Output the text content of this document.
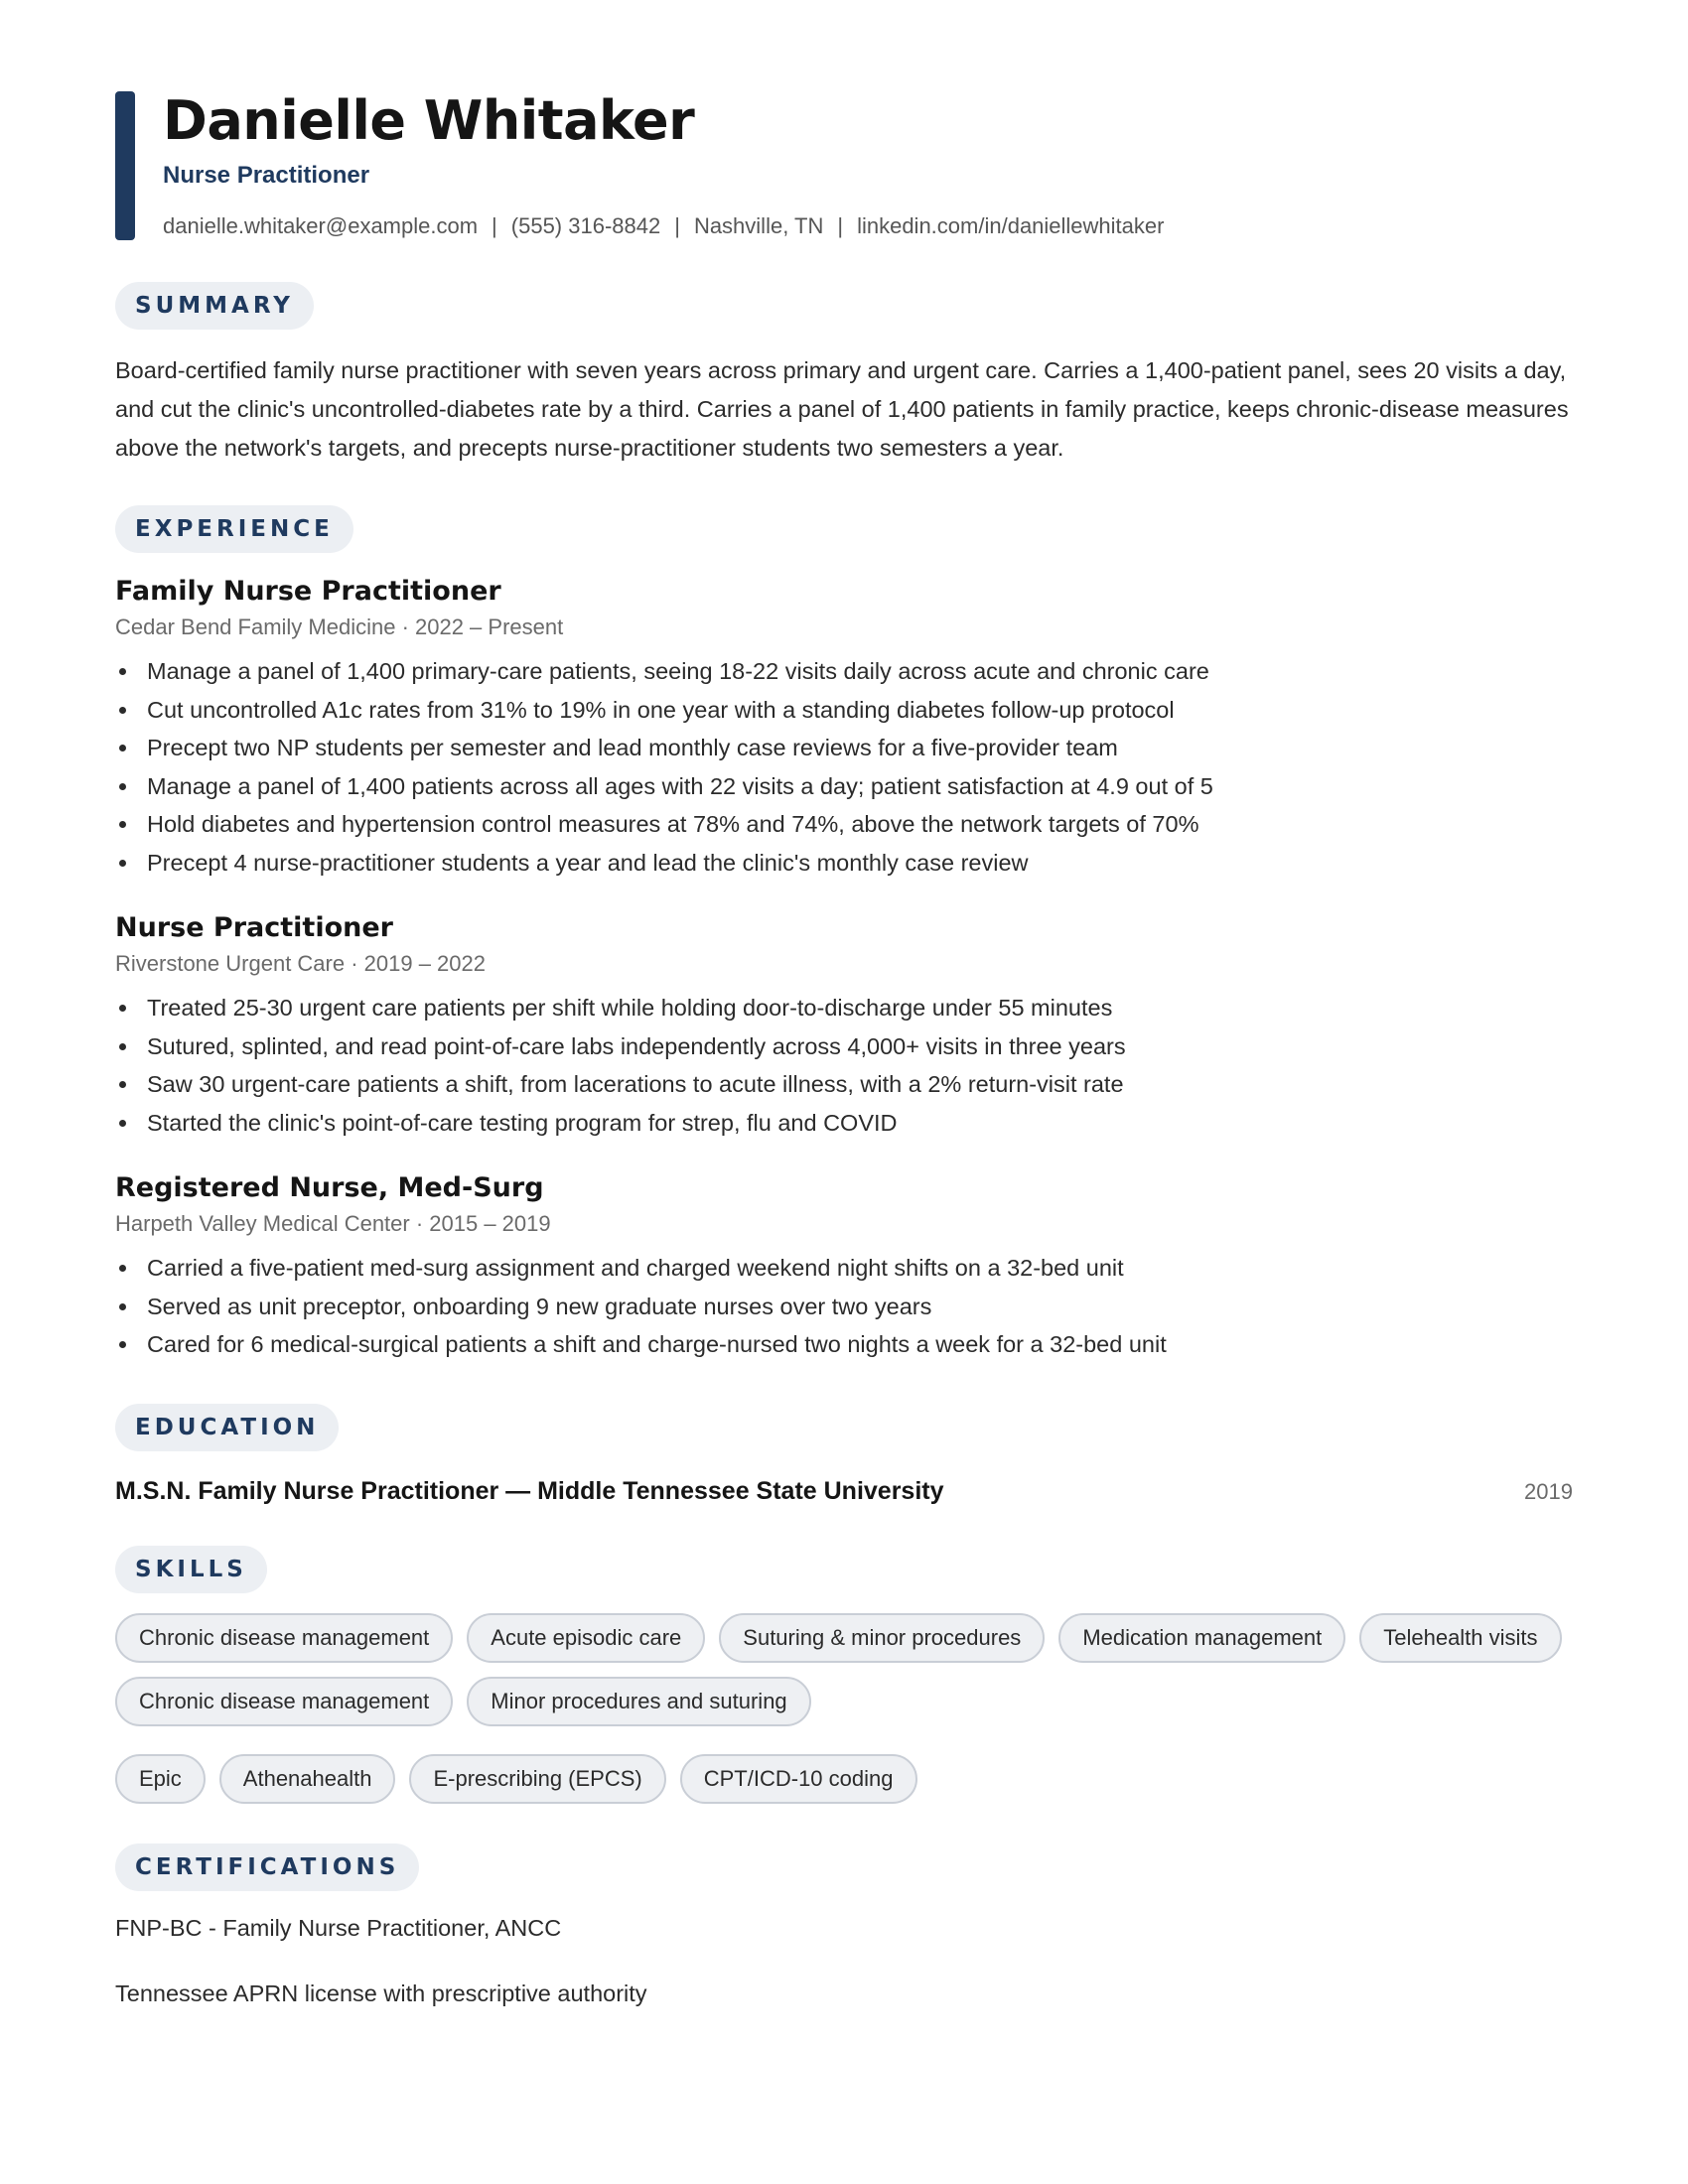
Danielle Whitaker
Nurse Practitioner
danielle.whitaker@example.com | (555) 316-8842 | Nashville, TN | linkedin.com/in/daniellewhitaker
SUMMARY
Board-certified family nurse practitioner with seven years across primary and urgent care. Carries a 1,400-patient panel, sees 20 visits a day, and cut the clinic's uncontrolled-diabetes rate by a third. Carries a panel of 1,400 patients in family practice, keeps chronic-disease measures above the network's targets, and precepts nurse-practitioner students two semesters a year.
EXPERIENCE
Family Nurse Practitioner
Cedar Bend Family Medicine · 2022 – Present
Manage a panel of 1,400 primary-care patients, seeing 18-22 visits daily across acute and chronic care
Cut uncontrolled A1c rates from 31% to 19% in one year with a standing diabetes follow-up protocol
Precept two NP students per semester and lead monthly case reviews for a five-provider team
Manage a panel of 1,400 patients across all ages with 22 visits a day; patient satisfaction at 4.9 out of 5
Hold diabetes and hypertension control measures at 78% and 74%, above the network targets of 70%
Precept 4 nurse-practitioner students a year and lead the clinic's monthly case review
Nurse Practitioner
Riverstone Urgent Care · 2019 – 2022
Treated 25-30 urgent care patients per shift while holding door-to-discharge under 55 minutes
Sutured, splinted, and read point-of-care labs independently across 4,000+ visits in three years
Saw 30 urgent-care patients a shift, from lacerations to acute illness, with a 2% return-visit rate
Started the clinic's point-of-care testing program for strep, flu and COVID
Registered Nurse, Med-Surg
Harpeth Valley Medical Center · 2015 – 2019
Carried a five-patient med-surg assignment and charged weekend night shifts on a 32-bed unit
Served as unit preceptor, onboarding 9 new graduate nurses over two years
Cared for 6 medical-surgical patients a shift and charge-nursed two nights a week for a 32-bed unit
EDUCATION
M.S.N. Family Nurse Practitioner — Middle Tennessee State University	2019
SKILLS
Chronic disease management	Acute episodic care	Suturing & minor procedures	Medication management	Telehealth visits
Chronic disease management	Minor procedures and suturing
Epic	Athenahealth	E-prescribing (EPCS)	CPT/ICD-10 coding
CERTIFICATIONS
FNP-BC - Family Nurse Practitioner, ANCC
Tennessee APRN license with prescriptive authority
